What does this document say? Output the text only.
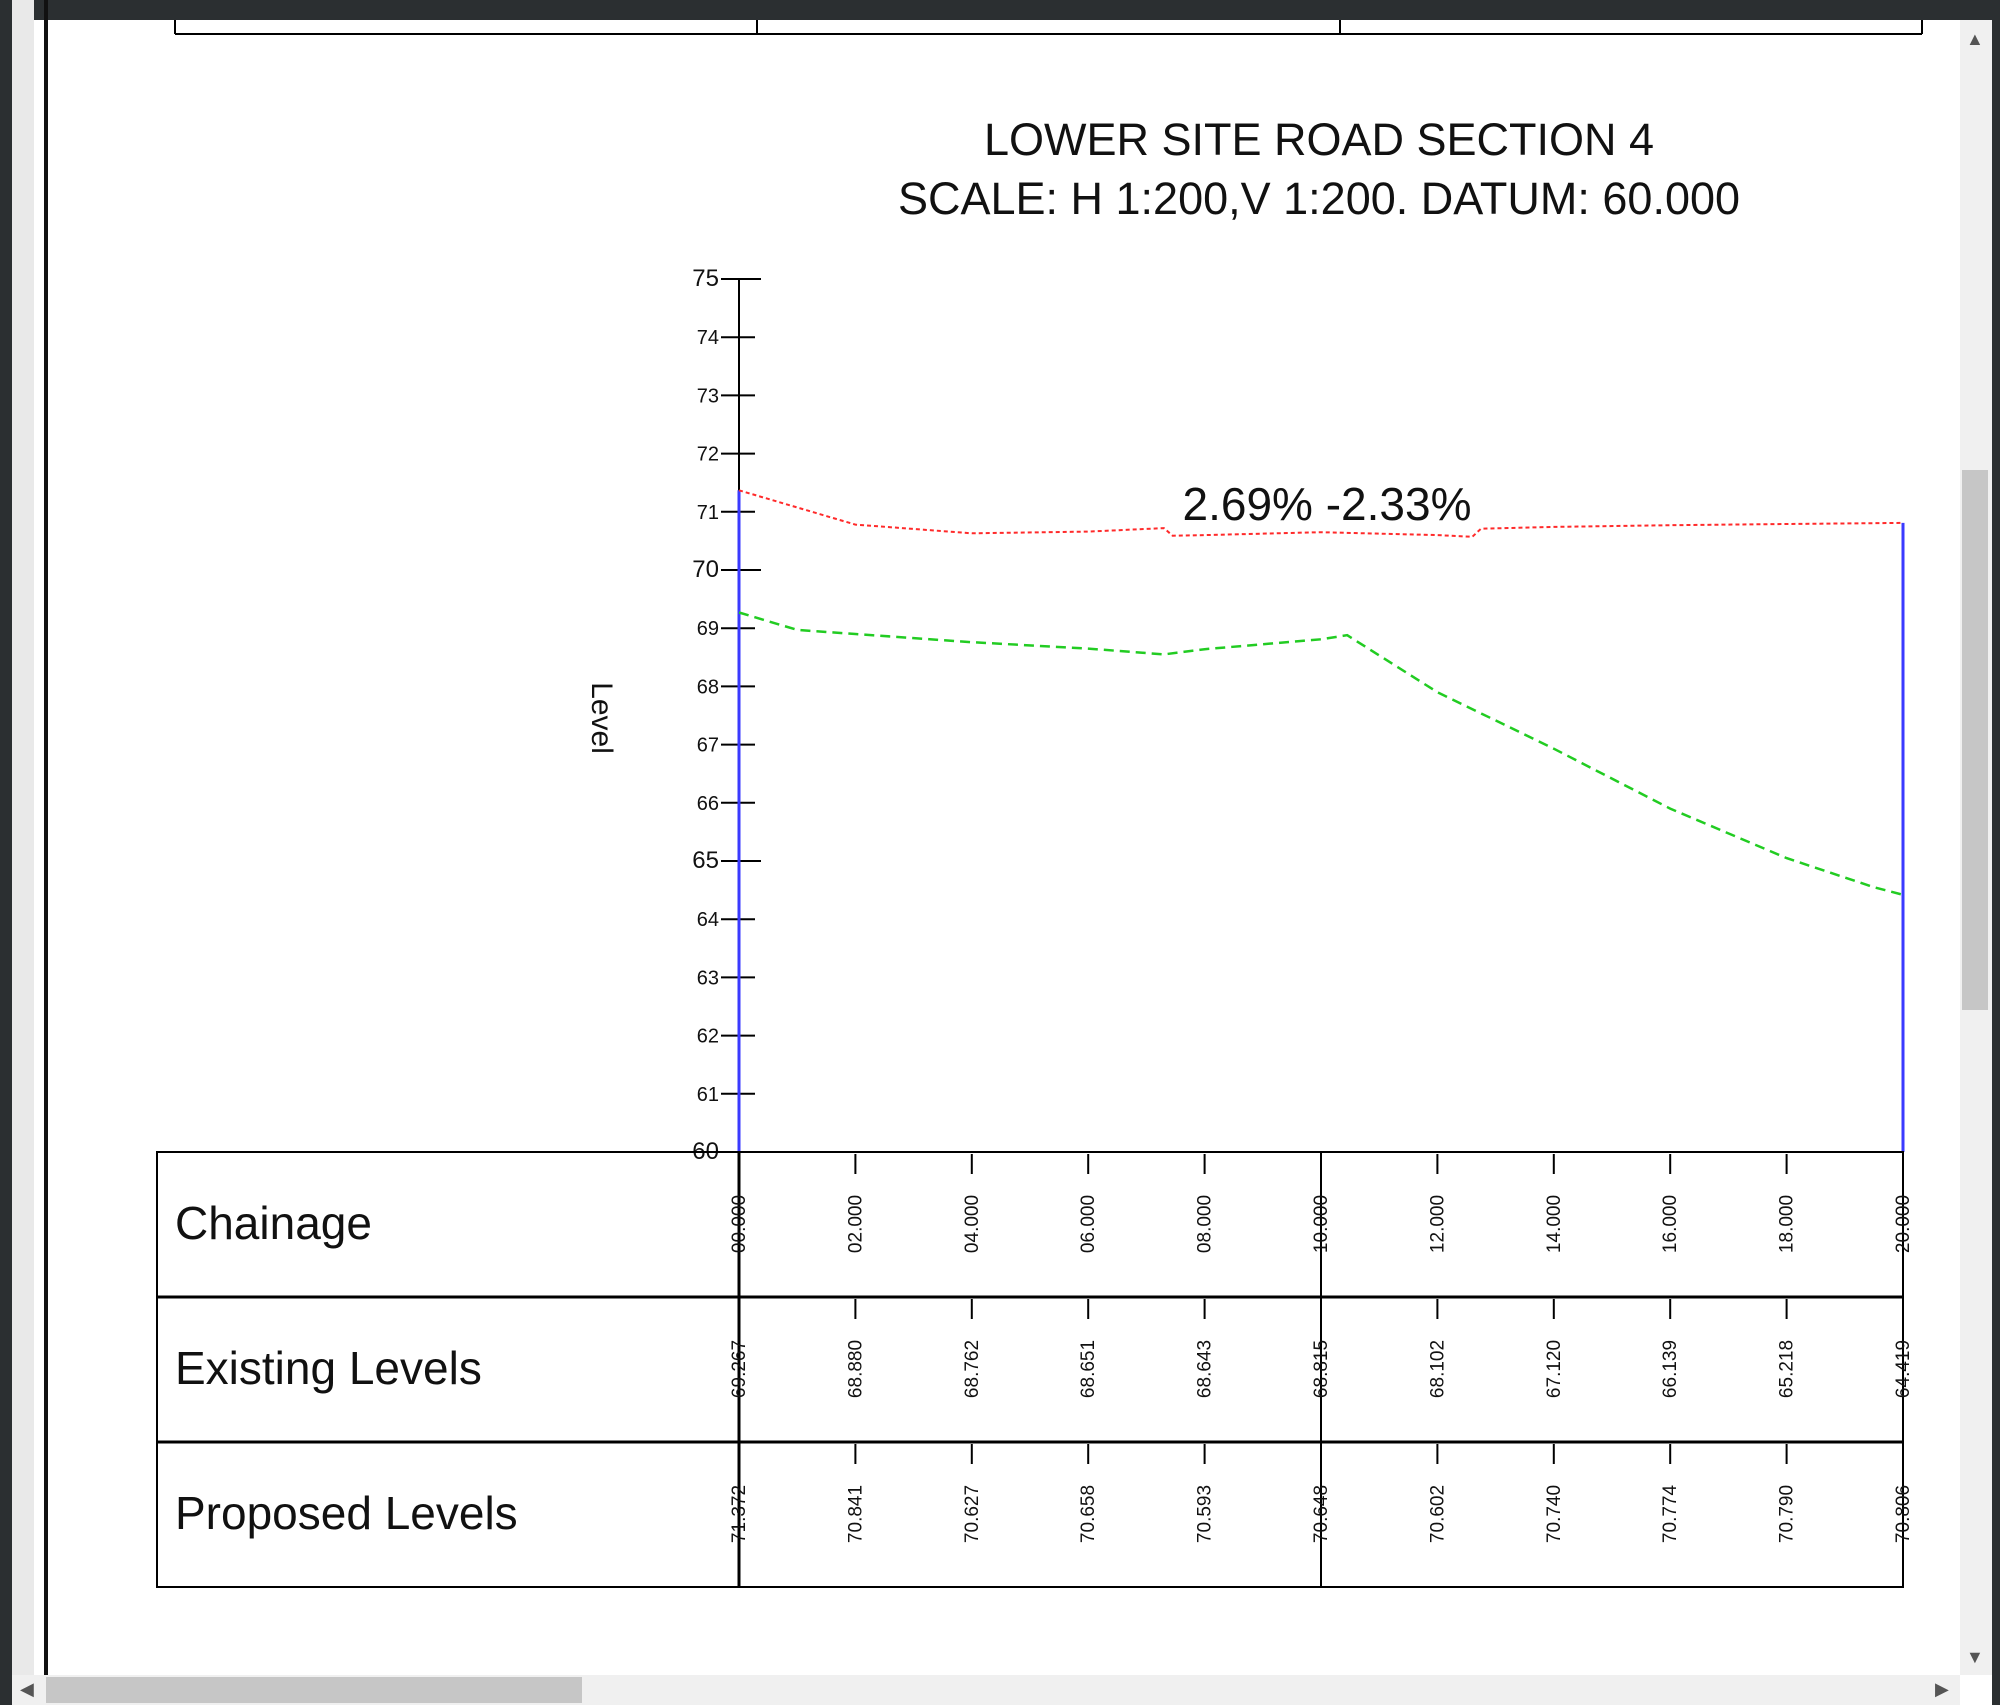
LOWER SITE ROAD SECTION 4
SCALE: H 1:200,V 1:200. DATUM: 60.000
Level
60
61
62
63
64
65
66
67
68
69
70
71
72
73
74
75
2.69% -2.33%
Chainage	00.000	02.000	04.000	06.000	08.000	10.000	12.000	14.000	16.000	18.000	20.000
Existing Levels	69.267	68.880	68.762	68.651	68.643	68.815	68.102	67.120	66.139	65.218	64.419
Proposed Levels	71.372	70.841	70.627	70.658	70.593	70.648	70.602	70.740	70.774	70.790	70.806
▲
▼
◀	▶
